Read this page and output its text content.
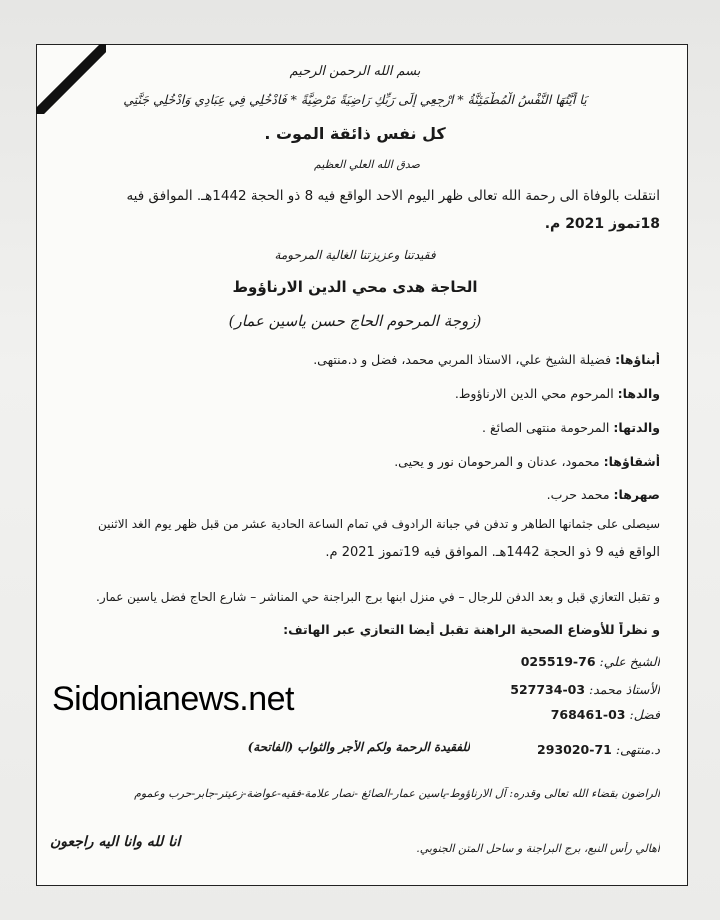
بسم الله الرحمن الرحيم
يَا أَيَّتُهَا النَّفْسُ الْمُطْمَئِنَّةُ * ارْجِعِي إِلَى رَبِّكِ رَاضِيَةً مَرْضِيَّةً * فَادْخُلِي فِي عِبَادِي وَادْخُلِي جَنَّتِي
كل نفس ذائقة الموت .
صدق الله العلي العظيم
انتقلت بالوفاة الى رحمة الله تعالى ظهر اليوم الاحد الواقع فيه 8 ذو الحجة 1442هـ. الموافق فيه
18تموز 2021 م.
فقيدتنا وعزيزتنا الغالية المرحومة
الحاجة هدى محي الدين الارناؤوط
(زوجة المرحوم الحاج حسن ياسين عمار)
أبناؤها: فضيلة الشيخ علي، الاستاذ المربي محمد، فضل و د.منتهى.
والدها: المرحوم محي الدين الارناؤوط.
والدتها: المرحومة منتهى الصائغ .
أشقاؤها: محمود، عدنان و المرحومان نور و يحيى.
صهرها: محمد حرب.
سيصلى على جثمانها الطاهر و تدفن في جبانة الرادوف في تمام الساعة الحادية عشر من قبل ظهر يوم الغد الاثنين
الواقع فيه 9 ذو الحجة 1442هـ. الموافق فيه 19تموز 2021 م.
و تقبل التعازي قبل و بعد الدفن للرجال – في منزل ابنها برج البراجنة حي المناشر – شارع الحاج فضل ياسين عمار.
و نظراً للأوضاع الصحية الراهنة تقبل أيضا التعازي عبر الهاتف:
الشيخ علي: 76-025519
الأستاذ محمد: 03-527734
فضل: 03-768461
د.منتهى: 71-293020
للفقيدة الرحمة ولكم الأجر والثواب (الفاتحة)
الراضون بقضاء الله تعالى وقدره: آل الارناؤوط-ياسين عمار-الصائغ -نصار علامة-فقيه-عواضة-زعيتر-جابر-حرب وعموم
أهالي رأس النبع، برج البراجنة و ساحل المتن الجنوبي.
انا لله وانا اليه راجعون
Sidonianews.net
